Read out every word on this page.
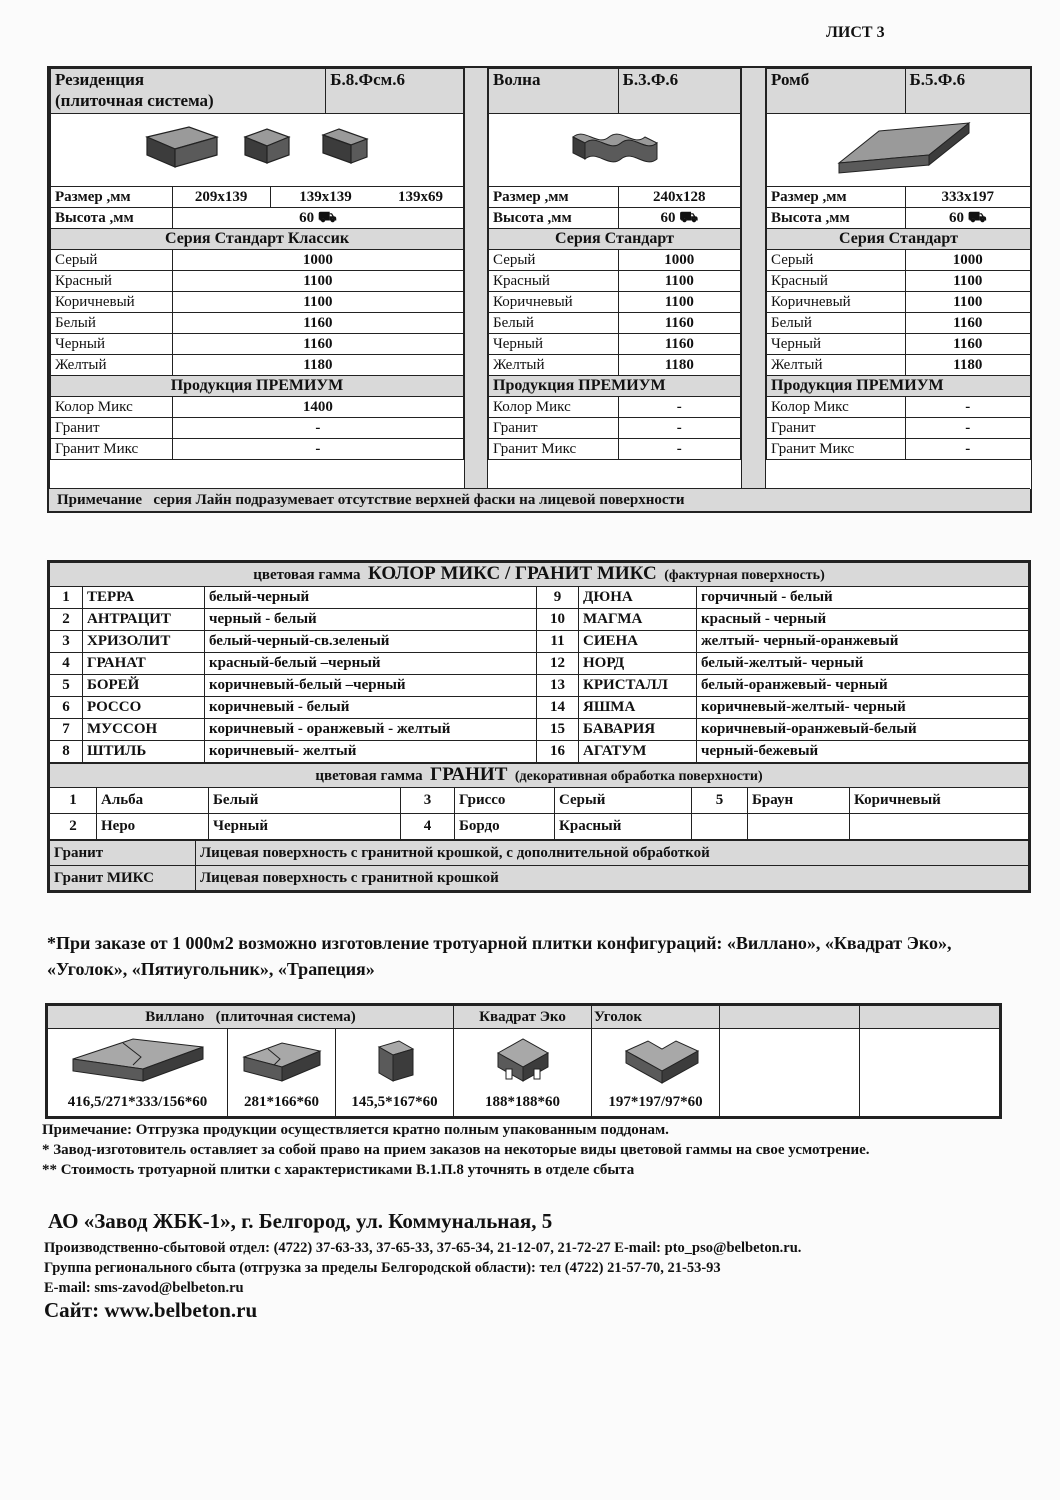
ЛИСТ 3
Резиденция
(плиточная система)			Б.8.Фсм.6

Размер ,мм	209х139	139х139 139х69	
Высота ,мм	60 ⛟		
Серия Стандарт Классик			
Серый	1000		
Красный	1100		
Коричневый	1100		
Белый	1160		
Черный	1160		
Желтый	1180		
Продукция ПРЕМИУМ			
Колор Микс	1400		
Гранит	-		
Гранит Микс	-		
Волна	Б.3.Ф.6

Размер ,мм	240х128
Высота ,мм	60 ⛟
Серия Стандарт	
Серый	1000
Красный	1100
Коричневый	1100
Белый	1160
Черный	1160
Желтый	1180
Продукция ПРЕМИУМ	
Колор Микс	-
Гранит	-
Гранит Микс	-
Ромб	Б.5.Ф.6

Размер ,мм	333х197
Высота ,мм	60 ⛟
Серия Стандарт	
Серый	1000
Красный	1100
Коричневый	1100
Белый	1160
Черный	1160
Желтый	1180
Продукция ПРЕМИУМ	
Колор Микс	-
Гранит	-
Гранит Микс	-
Примечание серия Лайн подразумевает отсутствие верхней фаски на лицевой поверхности
цветовая гамма КОЛОР МИКС / ГРАНИТ МИКС (фактурная поверхность)					
1	ТЕРРА	белый-черный	9	ДЮНА	горчичный - белый
2	АНТРАЦИТ	черный - белый	10	МАГМА	красный - черный
3	ХРИЗОЛИТ	белый-черный-св.зеленый	11	СИЕНА	желтый- черный-оранжевый
4	ГРАНАТ	красный-белый –черный	12	НОРД	белый-желтый- черный
5	БОРЕЙ	коричневый-белый –черный	13	КРИСТАЛЛ	белый-оранжевый- черный
6	РОССО	коричневый - белый	14	ЯШМА	коричневый-желтый- черный
7	МУССОН	коричневый - оранжевый - желтый	15	БАВАРИЯ	коричневый-оранжевый-белый
8	ШТИЛЬ	коричневый- желтый	16	АГАТУМ	черный-бежевый
цветовая гамма ГРАНИТ (декоративная обработка поверхности)								
1	Альба	Белый	3	Гриссо	Серый	5	Браун	Коричневый
2	Неро	Черный	4	Бордо	Красный			
Гранит	Лицевая поверхность с гранитной крошкой, с дополнительной обработкой
Гранит МИКС	Лицевая поверхность с гранитной крошкой
*При заказе от 1 000м2 возможно изготовление тротуарной плитки конфигураций: «Виллано», «Квадрат Эко», «Уголок», «Пятиугольник», «Трапеция»
Виллано (плиточная система)			Квадрат Эко	Уголок		

416,5/271*333/156*60	281*166*60	145,5*167*60	188*188*60	197*197/97*60		

Примечание: Отгрузка продукции осуществляется кратно полным упакованным поддонам.
* Завод-изготовитель оставляет за собой право на прием заказов на некоторые виды цветовой гаммы на свое усмотрение.
** Стоимость тротуарной плитки с характеристиками В.1.П.8 уточнять в отделе сбыта
АО «Завод ЖБК-1», г. Белгород, ул. Коммунальная, 5
Производственно-сбытовой отдел: (4722) 37-63-33, 37-65-33, 37-65-34, 21-12-07, 21-72-27 E-mail: pto_pso@belbeton.ru.
Группа регионального сбыта (отгрузка за пределы Белгородской области): тел (4722) 21-57-70, 21-53-93
E-mail: sms-zavod@belbeton.ru
Сайт: www.belbeton.ru
